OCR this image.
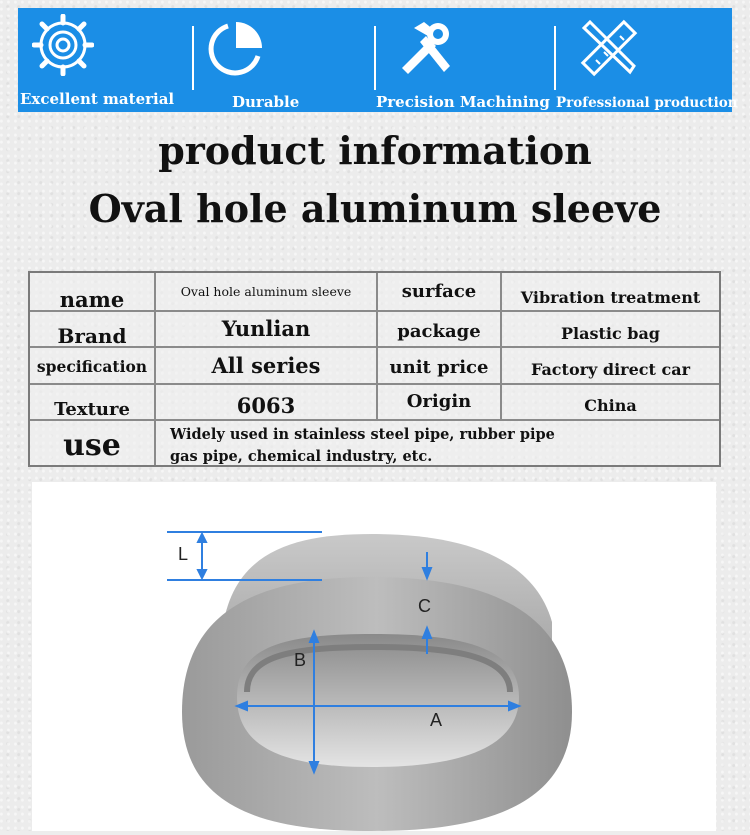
Excellent material	Durable	Precision Machining Professional production
:
product information
Oval hole aluminum sleeve
name	Oval hole aluminum sleeve	surface	Vibration treatment
Brand	Yunlian	package	Plastic bag
specification	All series	unit price	Factory direct car
Texture	6063	Origin	China
use	Widely used in stainless steel pipe, rubber pipe
gas pipe, chemical industry, etc.
L
C
B
A
